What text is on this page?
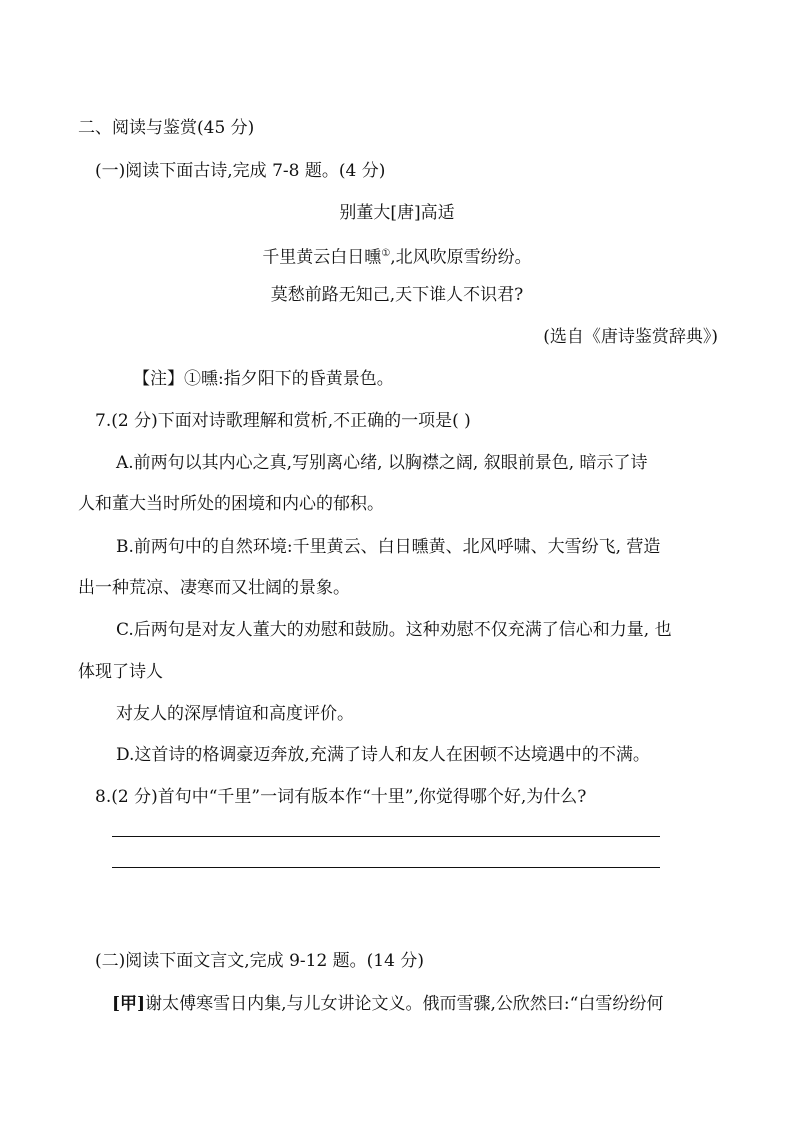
二、阅读与鉴赏(45 分)
(一)阅读下面古诗,完成 7-8 题。(4 分)
别董大[唐]高适
千里黄云白日曛①,北风吹原雪纷纷。
莫愁前路无知己,天下谁人不识君?
(选自《唐诗鉴赏辞典》)
【注】①曛:指夕阳下的昏黄景色。
7.(2 分)下面对诗歌理解和赏析,不正确的一项是( )
A.前两句以其内心之真,写别离心绪, 以胸襟之阔, 叙眼前景色, 暗示了诗
人和董大当时所处的困境和内心的郁积。
B.前两句中的自然环境:千里黄云、白日曛黄、北风呼啸、大雪纷飞, 营造
出一种荒凉、凄寒而又壮阔的景象。
C.后两句是对友人董大的劝慰和鼓励。这种劝慰不仅充满了信心和力量, 也
体现了诗人
对友人的深厚情谊和高度评价。
D.这首诗的格调豪迈奔放,充满了诗人和友人在困顿不达境遇中的不满。
8.(2 分)首句中“千里”一词有版本作“十里”,你觉得哪个好,为什么?
(二)阅读下面文言文,完成 9-12 题。(14 分)
[甲]谢太傅寒雪日内集,与儿女讲论文义。俄而雪骤,公欣然曰:“白雪纷纷何
